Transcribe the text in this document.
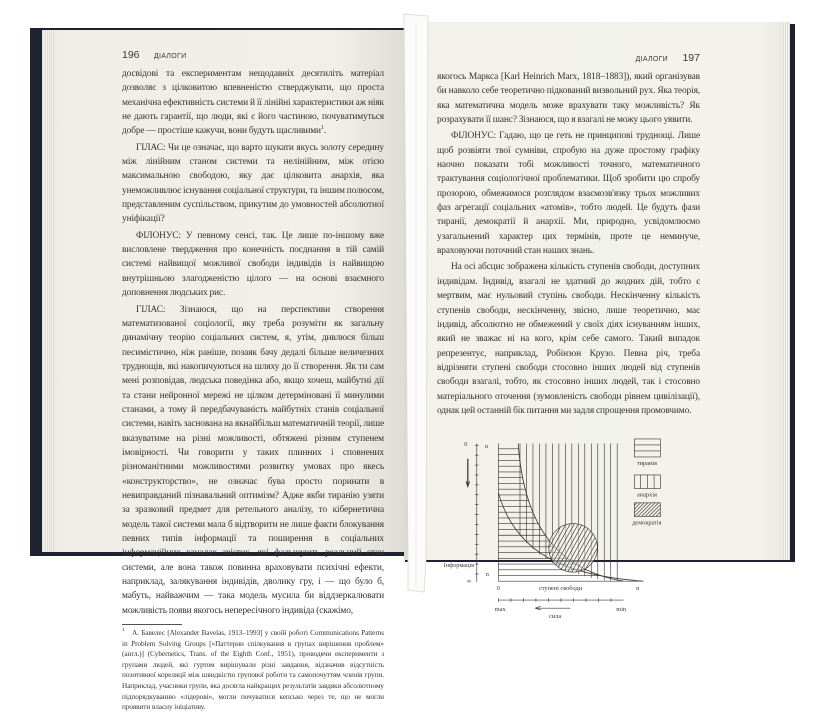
196 ДІАЛОГИ

досвідові та експериментам нещодавніх десятиліть матеріал дозволяє з цілковитою впевненістю стверджувати, що проста механічна ефективність системи й її лінійні характеристики аж ніяк не дають гарантії, що люди, які є його частиною, почуватимуться добре — простіше кажучи, вони будуть щасливими$^1$.

ГІЛАС: Чи це означає, що варто шукати якусь золоту середину між лінійним станом системи та нелінійним, між отією максимальною свободою, яку дає цілковита анархія, яка унеможливлює існування соціальної структури, та іншим полюсом, представленим суспільством, прикутим до умовностей абсолютної уніфікації?

ФІЛОНУС: У певному сенсі, так. Це лише по-іншому вже висловлене твердження про конечність поєднання в тій самій системі найвищої можливої свободи індивідів із найвищою внутрішньою злагодженістю цілого — на основі взаємного доповнення людських рис.

ГІЛАС: Зізнаюся, що на перспективи створення математизованої соціології, яку треба розуміти як загальну динамічну теорію соціальних систем, я, утім, дивлюся більш песимістично, ніж раніше, позаяк бачу дедалі більше величезних труднощів, які накопичуються на шляху до її створення. Як ти сам мені розповідав, людська поведінка або, якщо хочеш, майбутні дії та стани нейронної мережі не цілком детерміновані її минулими станами, а тому й передбачуваність майбутніх станів соціальної системи, навіть заснована на якнайбільш математичній теорії, лише вказуватиме на різні можливості, обтяжені різним ступенем імовірності. Чи говорити у таких плинних і сповнених різноманітними можливостями розвитку умовах про якесь «конструкторство», не означає бува просто поринати в невиправданий пізнавальний оптимізм? Адже якби тиранію узяти за зразковий предмет для ретельного аналізу, то кібернетична модель такої системи мала б відтворити не лише факти блокування певних типів інформації та поширення в соціальних інформаційних каналах звісток, які фальшують реальний стан системи, але вона також повинна враховувати психічні ефекти, наприклад, залякування індивідів, дволику гру, і — що було б, мабуть, найважчим — така модель мусила би віддзеркалювати можливість появи якогось непересічного індивіда (скажімо,

1	А. Бавелес [Alexander Bavelas, 1913–1993] у своїй роботі Communications Patterns in Problem Solving Groups [«Паттерни спілкування в групах вирішення проблем» (англ.)] (Cybernetics, Trans. of the Eighth Conf., 1951), проводячи експерименти з групами людей, які гуртом вирішували різні завдання, відзначив відсутність позитивної кореляції між швидкістю групової роботи та самопочуттям членів групи. Наприклад, учасники групи, яка досягла найкращих результатів завдяки абсолютному підпорядкуванню «лідерові», могли почуватися кепсько через те, що не могли проявити власну ініціативу.

ДІАЛОГИ 197

якогось Маркса [Karl Heinrich Marx, 1818–1883]), який організував би навколо себе теоретично підкований визвольний рух. Яка теорія, яка математична модель може врахувати таку можливість? Як розрахувати її шанс? Зізнаюся, що я взагалі не можу цього уявити.

ФІЛОНУС: Гадаю, що це геть не принципові труднощі. Лише щоб розвіяти твої сумніви, спробую на дуже простому графіку наочно показати тобі можливості точного, математичного трактування соціологічної проблематики. Щоб зробити цю спробу прозорою, обмежимося розглядом взаємозв'язку трьох можливих фаз агрегації соціальних «атомів», тобто людей. Це будуть фази тиранії, демократії й анархії. Ми, природно, усвідомлюємо узагальнений характер цих термінів, проте це неминуче, враховуючи поточний стан наших знань.

На осі абсцис зображена кількість ступенів свободи, доступних індивідам. Індивід, взагалі не здатний до жодних дій, тобто є мертвим, має нульовий ступінь свободи. Нескінченну кількість ступенів свободи, нескінченну, звісно, лише теоретично, має індивід, абсолютно не обмежений у своїх діях існуванням інших, який не зважає ні на кого, крім себе самого. Такий випадок репрезентує, наприклад, Робінзон Крузо. Певна річ, треба відрізняти ступені свободи стосовно інших людей від ступенів свободи взагалі, тобто, як стосовно інших людей, так і стосовно матеріального оточення (зумовленість свободи рівнем цивілізації), однак цей останній бік питання ми задля спрощення промовчимо.

0	n
Інформація
∞
n
0	ступені свободи	n
max	min
сила
тиранія
анархія
демократія
